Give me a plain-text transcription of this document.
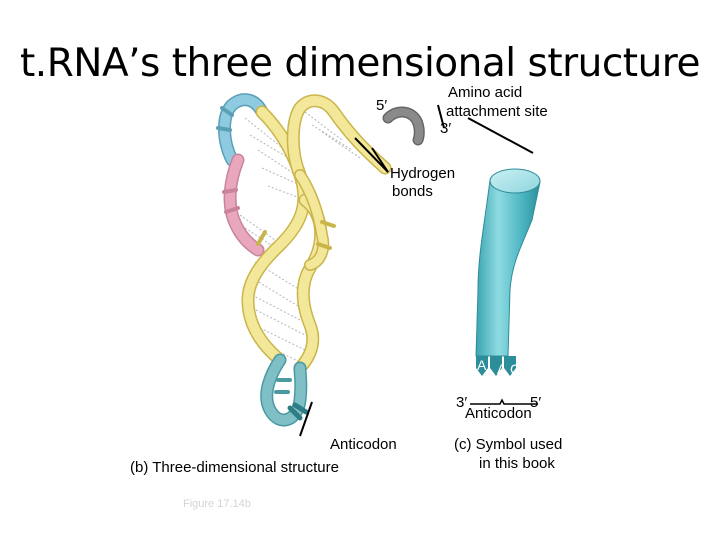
t.RNA’s three dimensional structure
Amino acid
attachment site
5′
3′
Hydrogen
bonds
A A G
3′	5′
Anticodon
Anticodon
(b) Three-dimensional structure
(c) Symbol used
in this book
Figure 17.14b
